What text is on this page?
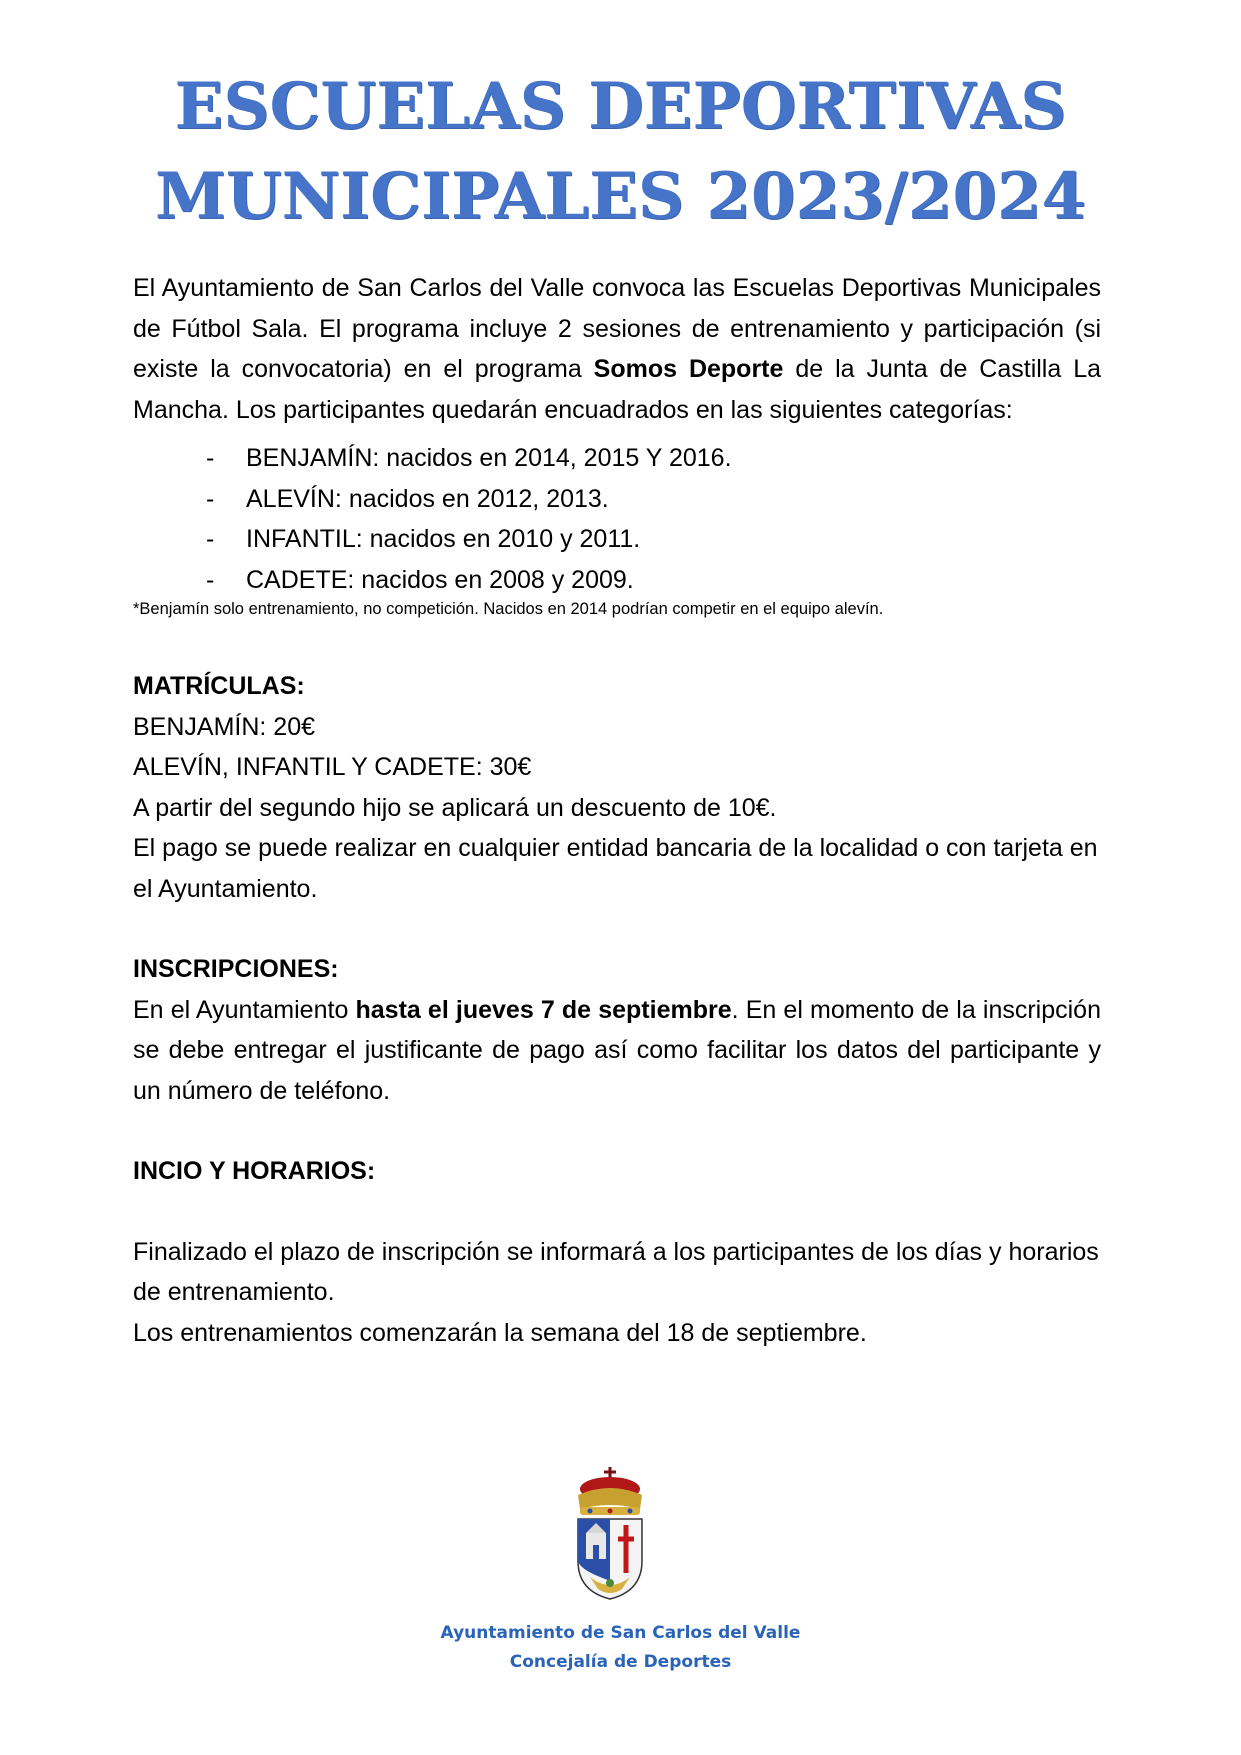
ESCUELAS DEPORTIVAS
MUNICIPALES 2023/2024

El Ayuntamiento de San Carlos del Valle convoca las Escuelas Deportivas Municipales de Fútbol Sala. El programa incluye 2 sesiones de entrenamiento y participación (si existe la convocatoria) en el programa Somos Deporte de la Junta de Castilla La Mancha. Los participantes quedarán encuadrados en las siguientes categorías:

- BENJAMÍN: nacidos en 2014, 2015 Y 2016.
- ALEVÍN: nacidos en 2012, 2013.
- INFANTIL: nacidos en 2010 y 2011.
- CADETE: nacidos en 2008 y 2009.

*Benjamín solo entrenamiento, no competición. Nacidos en 2014 podrían competir en el equipo alevín.

MATRÍCULAS:

BENJAMÍN: 20€

ALEVÍN, INFANTIL Y CADETE: 30€

A partir del segundo hijo se aplicará un descuento de 10€.

El pago se puede realizar en cualquier entidad bancaria de la localidad o con tarjeta en el Ayuntamiento.

INSCRIPCIONES:

En el Ayuntamiento hasta el jueves 7 de septiembre. En el momento de la inscripción se debe entregar el justificante de pago así como facilitar los datos del participante y un número de teléfono.

INCIO Y HORARIOS:

Finalizado el plazo de inscripción se informará a los participantes de los días y horarios de entrenamiento.

Los entrenamientos comenzarán la semana del 18 de septiembre.

Ayuntamiento de San Carlos del Valle
Concejalía de Deportes
